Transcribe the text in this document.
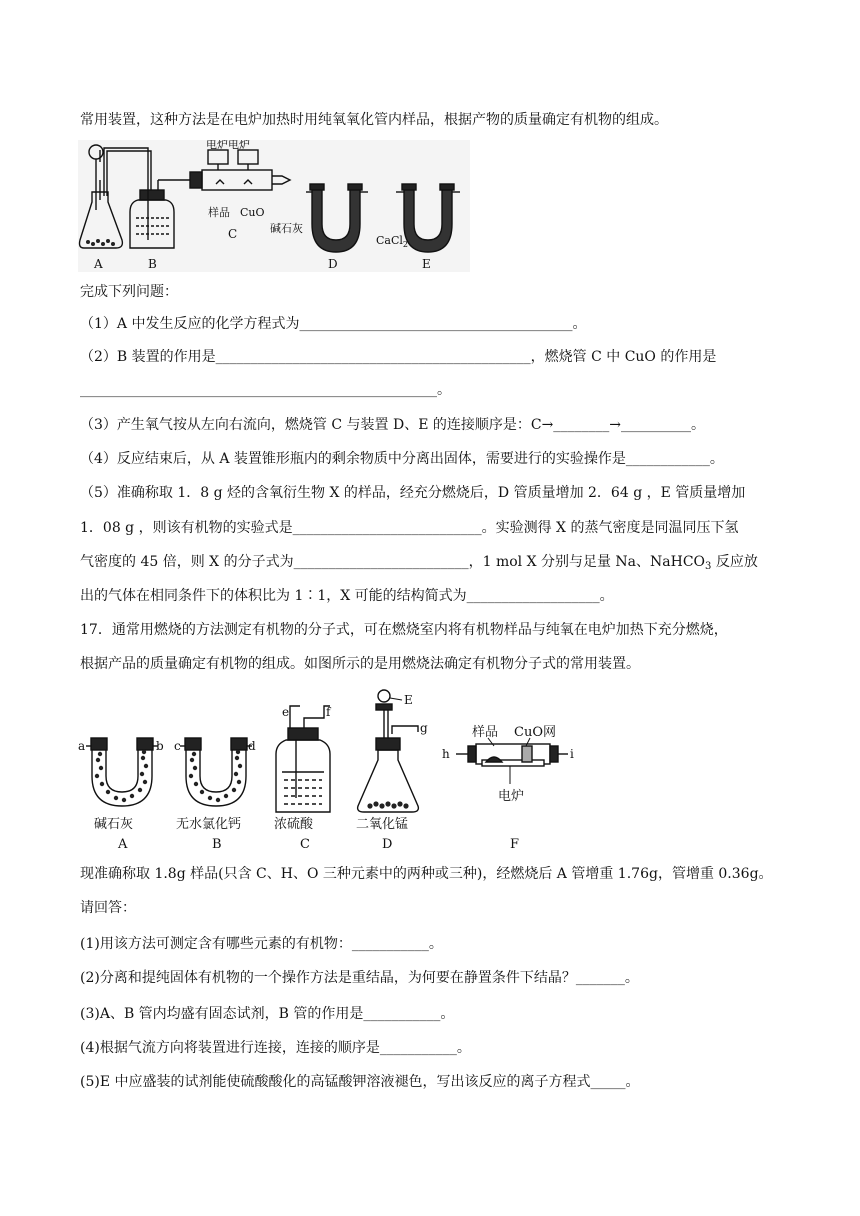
常用装置，这种方法是在电炉加热时用纯氧氧化管内样品，根据产物的质量确定有机物的组成。
电炉电炉
样品 CuO
碱石灰
CaCl$_2$
A	B
C
D	E
完成下列问题：
（1）A 中发生反应的化学方程式为_______________________________________。
（2）B 装置的作用是_____________________________________________，燃烧管 C 中 CuO 的作用是
___________________________________________________。
（3）产生氧气按从左向右流向，燃烧管 C 与装置 D、E 的连接顺序是：C→________→__________。
（4）反应结束后，从 A 装置锥形瓶内的剩余物质中分离出固体，需要进行的实验操作是____________。
（5）准确称取 1．8 g 烃的含氧衍生物 X 的样品，经充分燃烧后，D 管质量增加 2．64 g ，E 管质量增加
1．08 g ，则该有机物的实验式是___________________________。实验测得 X 的蒸气密度是同温同压下氢
气密度的 45 倍，则 X 的分子式为_________________________，1 mol X 分别与足量 Na、NaHCO$_3$ 反应放
出的气体在相同条件下的体积比为 1∶1，X 可能的结构简式为___________________。
17．通常用燃烧的方法测定有机物的分子式，可在燃烧室内将有机物样品与纯氧在电炉加热下充分燃烧，
根据产品的质量确定有机物的组成。如图所示的是用燃烧法确定有机物分子式的常用装置。
a	b c	d
e	f
E
g
h	i
样品 CuO网
电炉
碱石灰	无水氯化钙	浓硫酸	二氧化锰
A	B	C	D	F
现准确称取 1.8g 样品(只含 C、H、O 三种元素中的两种或三种)，经燃烧后 A 管增重 1.76g，管增重 0.36g。
请回答：
(1)用该方法可测定含有哪些元素的有机物：___________。
(2)分离和提纯固体有机物的一个操作方法是重结晶，为何要在静置条件下结晶？_______。
(3)A、B 管内均盛有固态试剂，B 管的作用是___________。
(4)根据气流方向将装置进行连接，连接的顺序是___________。
(5)E 中应盛装的试剂能使硫酸酸化的高锰酸钾溶液褪色，写出该反应的离子方程式_____。
